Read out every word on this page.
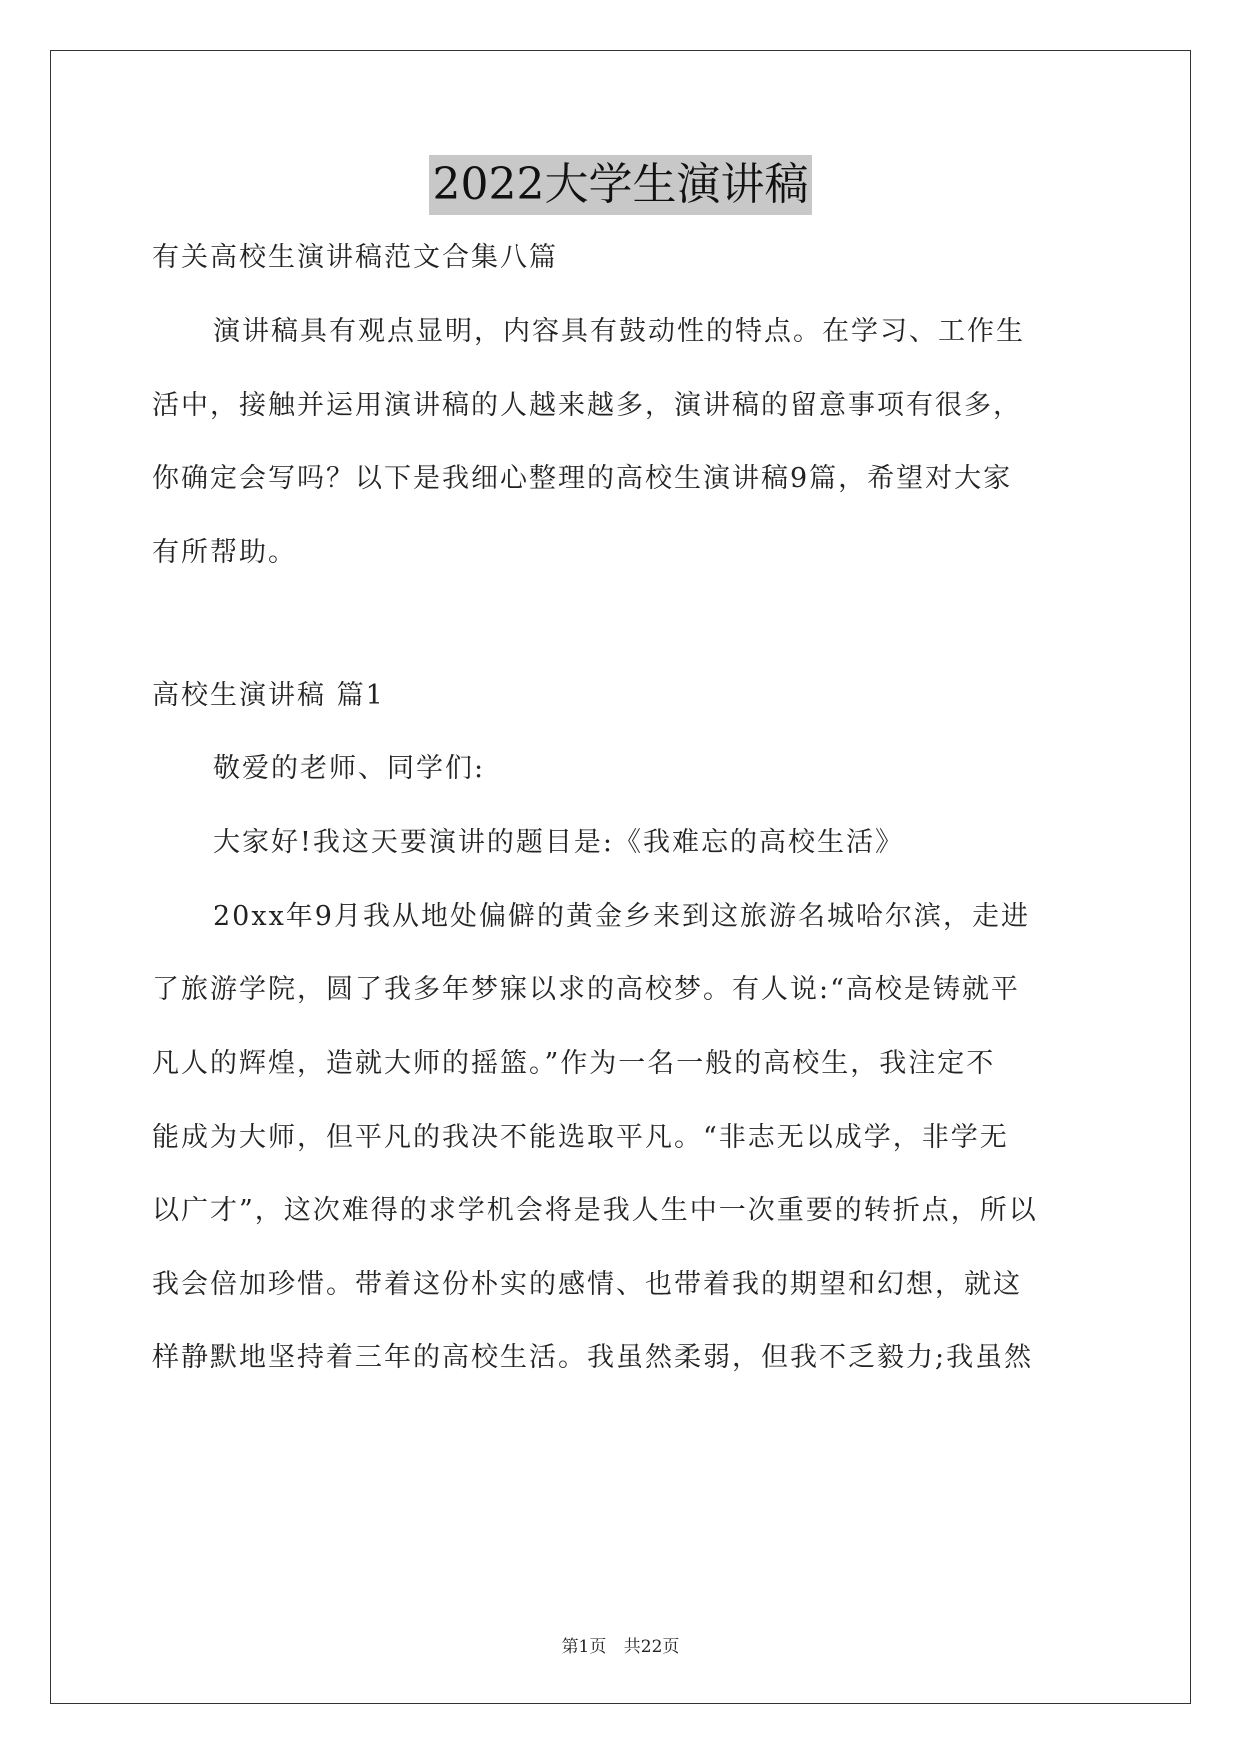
2022大学生演讲稿
有关高校生演讲稿范文合集八篇
演讲稿具有观点显明，内容具有鼓动性的特点。在学习、工作生
活中，接触并运用演讲稿的人越来越多，演讲稿的留意事项有很多，
你确定会写吗？以下是我细心整理的高校生演讲稿9篇，希望对大家
有所帮助。
高校生演讲稿 篇1
敬爱的老师、同学们:
大家好!我这天要演讲的题目是:《我难忘的高校生活》
20xx年9月我从地处偏僻的黄金乡来到这旅游名城哈尔滨，走进
了旅游学院，圆了我多年梦寐以求的高校梦。有人说:“高校是铸就平
凡人的辉煌，造就大师的摇篮。”作为一名一般的高校生，我注定不
能成为大师，但平凡的我决不能选取平凡。“非志无以成学，非学无
以广才”，这次难得的求学机会将是我人生中一次重要的转折点，所以
我会倍加珍惜。带着这份朴实的感情、也带着我的期望和幻想，就这
样静默地坚持着三年的高校生活。我虽然柔弱，但我不乏毅力;我虽然
第1页 共22页
